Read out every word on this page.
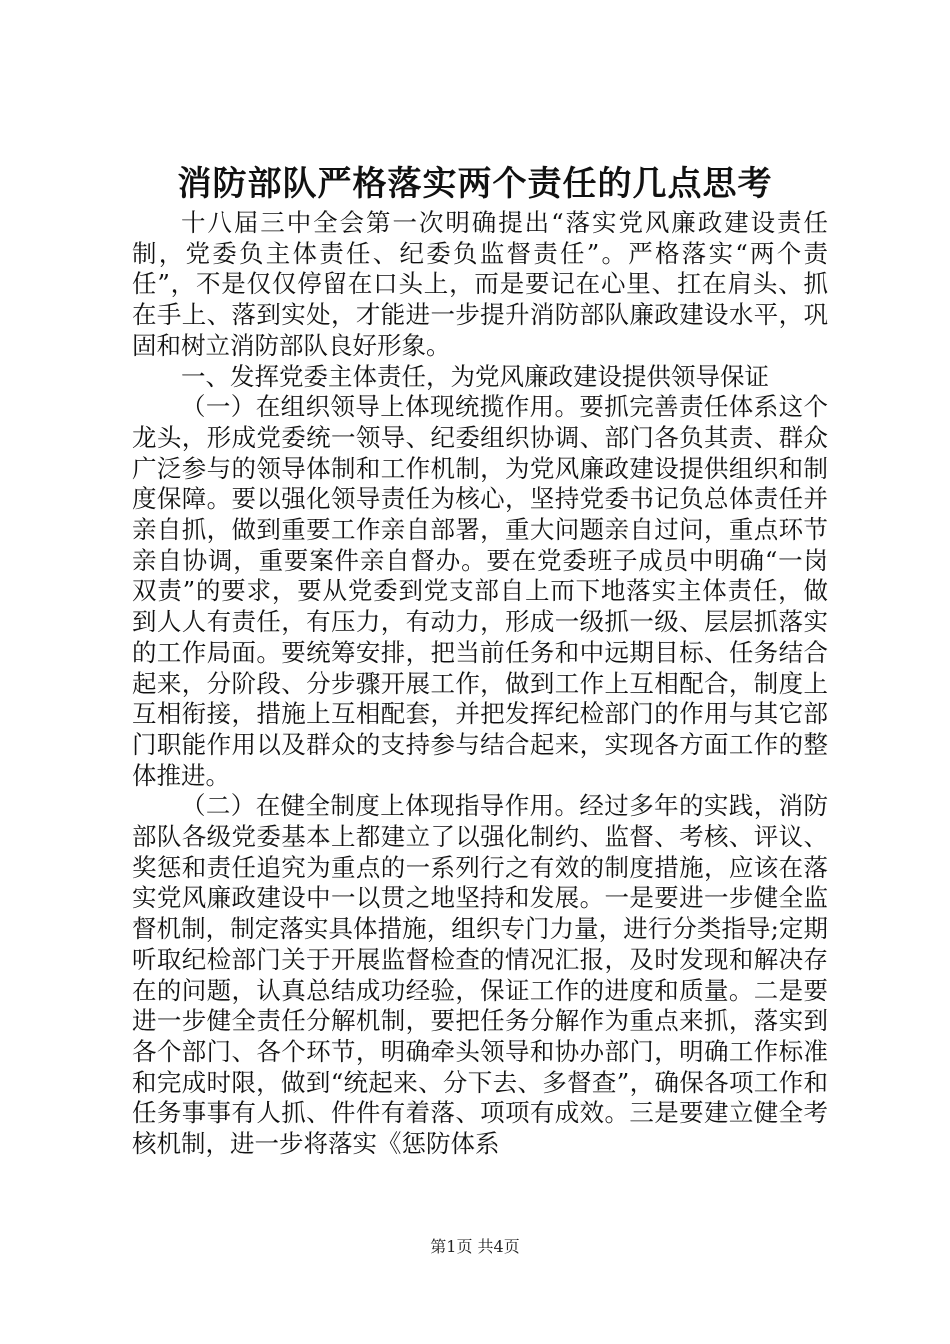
消防部队严格落实两个责任的几点思考

十八届三中全会第一次明确提出“落实党风廉政建设责任制，党委负主体责任、纪委负监督责任”。严格落实“两个责任”，不是仅仅停留在口头上，而是要记在心里、扛在肩头、抓在手上、落到实处，才能进一步提升消防部队廉政建设水平，巩固和树立消防部队良好形象。

一、发挥党委主体责任，为党风廉政建设提供领导保证

（一）在组织领导上体现统揽作用。要抓完善责任体系这个龙头，形成党委统一领导、纪委组织协调、部门各负其责、群众广泛参与的领导体制和工作机制，为党风廉政建设提供组织和制度保障。要以强化领导责任为核心，坚持党委书记负总体责任并亲自抓，做到重要工作亲自部署，重大问题亲自过问，重点环节亲自协调，重要案件亲自督办。要在党委班子成员中明确“一岗双责”的要求，要从党委到党支部自上而下地落实主体责任，做到人人有责任，有压力，有动力，形成一级抓一级、层层抓落实的工作局面。要统筹安排，把当前任务和中远期目标、任务结合起来，分阶段、分步骤开展工作，做到工作上互相配合，制度上互相衔接，措施上互相配套，并把发挥纪检部门的作用与其它部门职能作用以及群众的支持参与结合起来，实现各方面工作的整体推进。

（二）在健全制度上体现指导作用。经过多年的实践，消防部队各级党委基本上都建立了以强化制约、监督、考核、评议、奖惩和责任追究为重点的一系列行之有效的制度措施，应该在落实党风廉政建设中一以贯之地坚持和发展。一是要进一步健全监督机制，制定落实具体措施，组织专门力量，进行分类指导;定期听取纪检部门关于开展监督检查的情况汇报，及时发现和解决存在的问题，认真总结成功经验，保证工作的进度和质量。二是要进一步健全责任分解机制，要把任务分解作为重点来抓，落实到各个部门、各个环节，明确牵头领导和协办部门，明确工作标准和完成时限，做到“统起来、分下去、多督查”，确保各项工作和任务事事有人抓、件件有着落、项项有成效。三是要建立健全考核机制，进一步将落实《惩防体系

第1页 共4页
